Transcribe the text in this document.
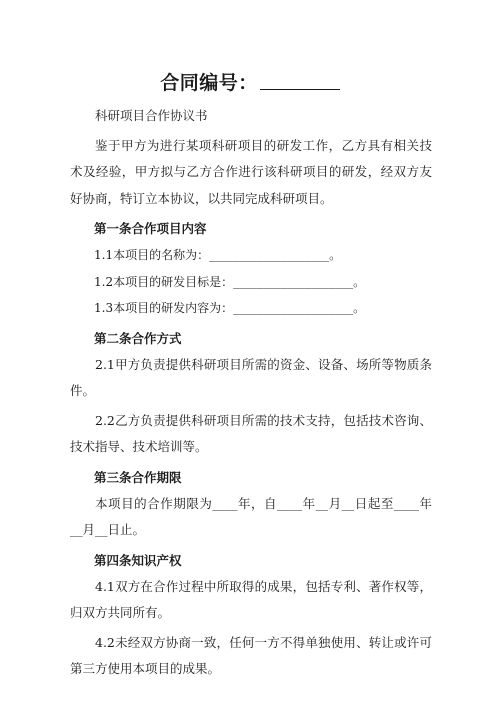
合同编号：

科研项目合作协议书

鉴于甲方为进行某项科研项目的研发工作，乙方具有相关技术及经验，甲方拟与乙方合作进行该科研项目的研发，经双方友好协商，特订立本协议，以共同完成科研项目。

第一条合作项目内容

1.1本项目的名称为：____________________。

1.2本项目的研发目标是：____________________。

1.3本项目的研发内容为：____________________。

第二条合作方式

2.1甲方负责提供科研项目所需的资金、设备、场所等物质条件。

2.2乙方负责提供科研项目所需的技术支持，包括技术咨询、技术指导、技术培训等。

第三条合作期限

本项目的合作期限为____年，自____年__月__日起至____年__月__日止。

第四条知识产权

4.1双方在合作过程中所取得的成果，包括专利、著作权等，归双方共同所有。

4.2未经双方协商一致，任何一方不得单独使用、转让或许可第三方使用本项目的成果。
